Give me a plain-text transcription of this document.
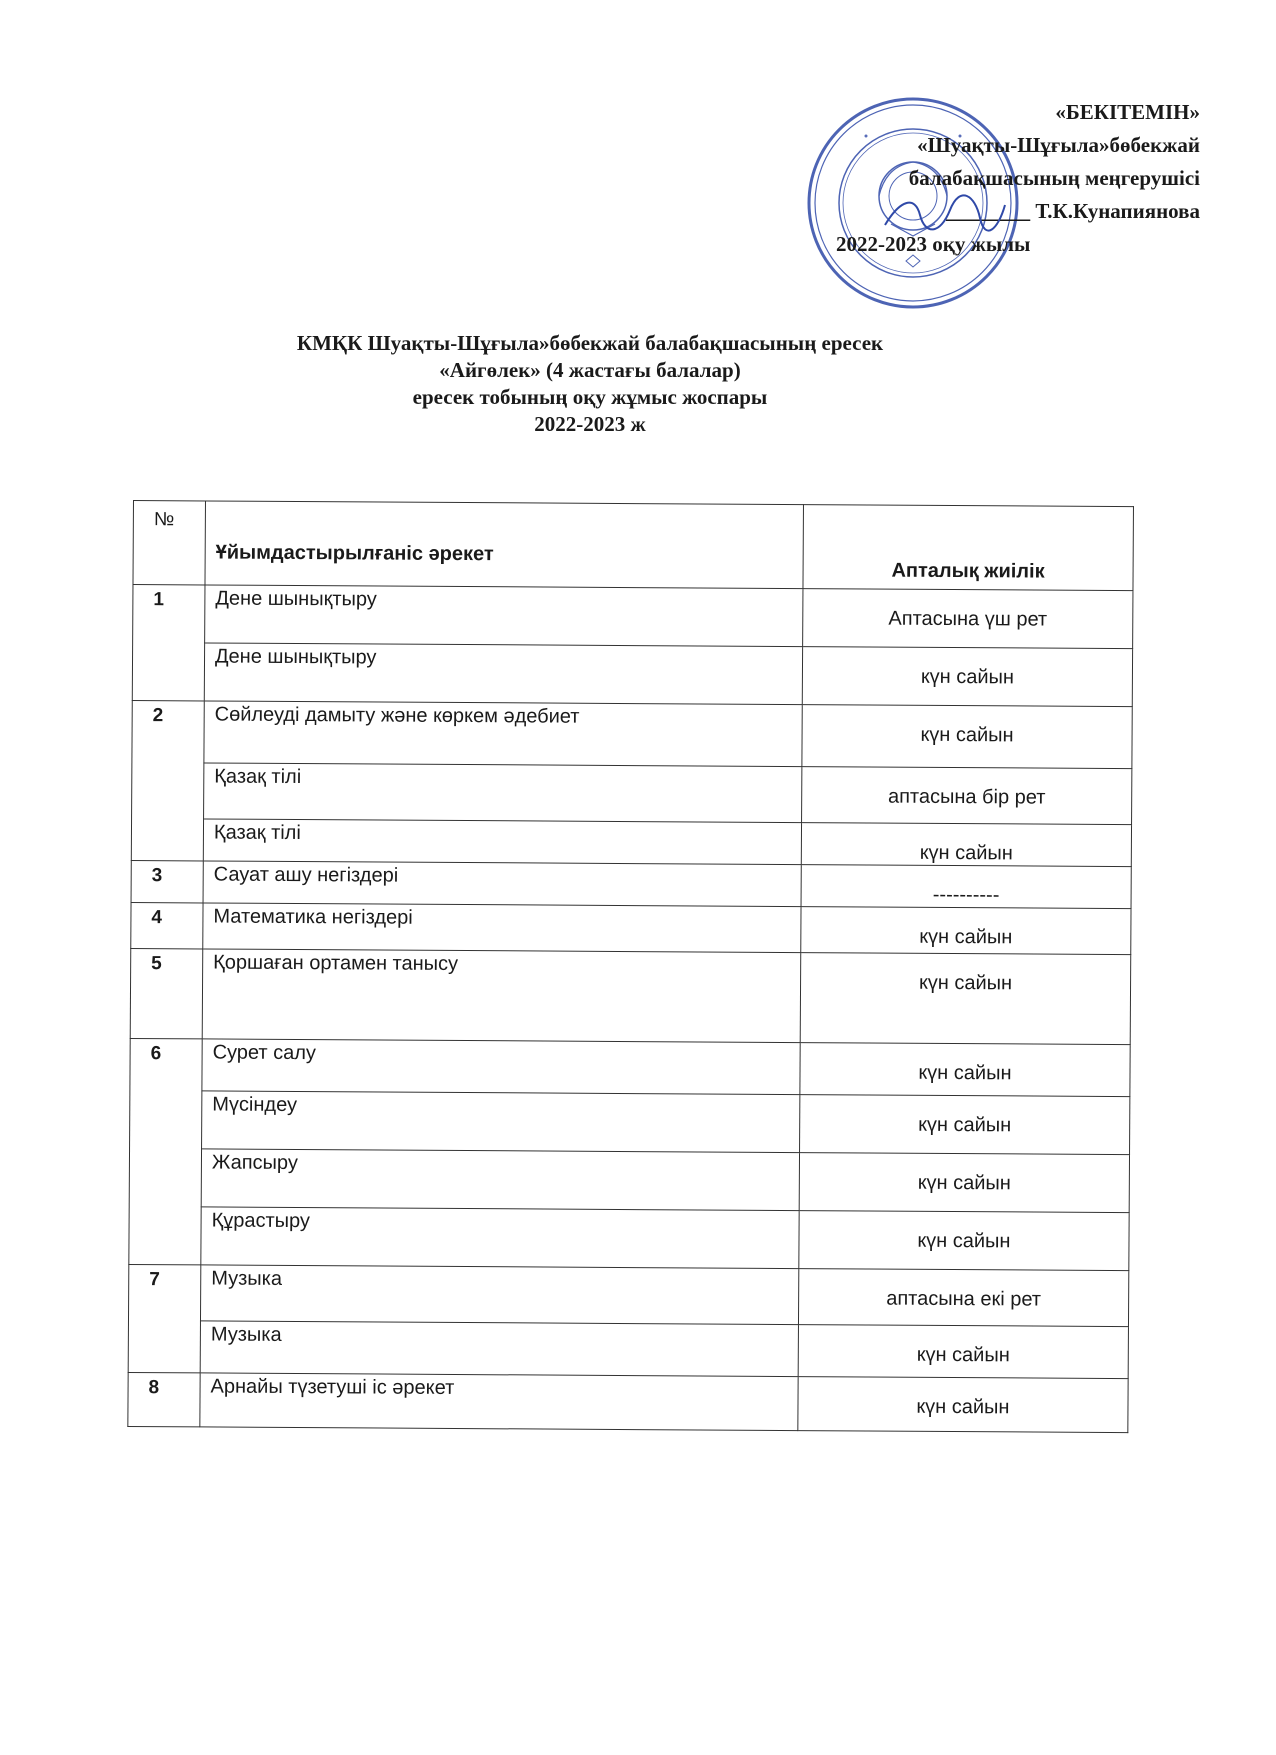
«БЕКІТЕМІН»
«Шуақты-Шұғыла»бөбекжай
балабақшасының меңгерушісі
________ Т.К.Кунапиянова
2022-2023 оқу жылы
КМҚК Шуақты-Шұғыла»бөбекжай балабақшасының ересек
«Айгөлек» (4 жастағы балалар)
ересек тобының оқу жұмыс жоспары
2022-2023 ж
№	Ұйымдастырылғаніс әрекет	Апталық жиілік
1	Дене шынықтыру	Аптасына үш рет
	Дене шынықтыру	күн сайын
2	Сөйлеуді дамыту және көркем әдебиет	күн сайын
	Қазақ тілі	аптасына бір рет
	Қазақ тілі	күн сайын
3	Сауат ашу негіздері	----------
4	Математика негіздері	күн сайын
5	Қоршаған ортамен танысу	күн сайын
6	Сурет салу	күн сайын
	Мүсіндеу	күн сайын
	Жапсыру	күн сайын
	Құрастыру	күн сайын
7	Музыка	аптасына екі рет
	Музыка	күн сайын
8	Арнайы түзетуші іс әрекет	күн сайын
